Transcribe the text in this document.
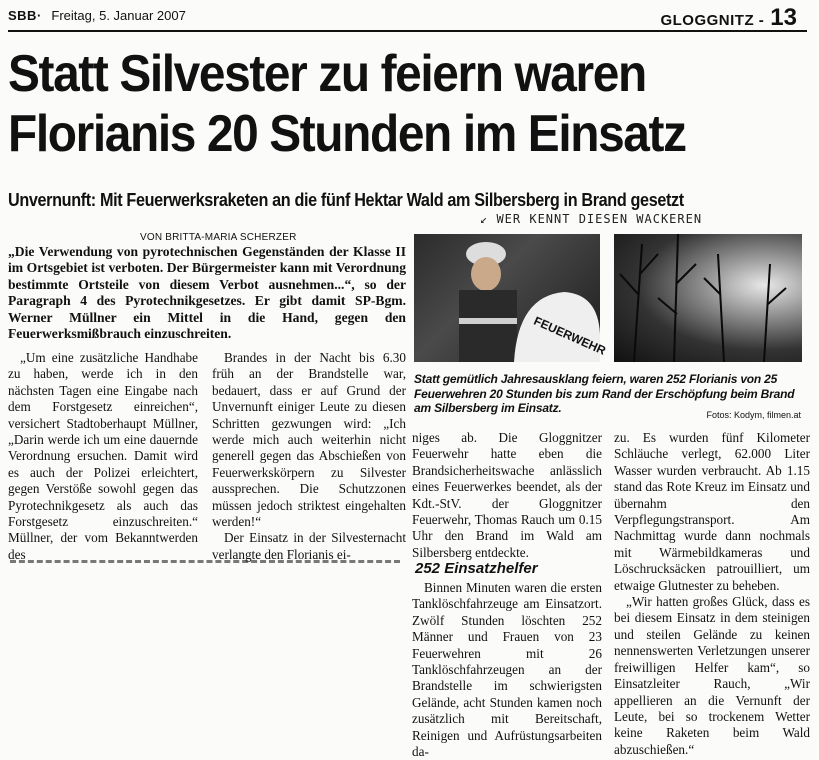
SBB· Freitag, 5. Januar 2007	GLOGGNITZ - 13
Statt Silvester zu feiern waren
Florianis 20 Stunden im Einsatz
Unvernunft: Mit Feuerwerksraketen an die fünf Hektar Wald am Silbersberg in Brand gesetzt
VON BRITTA-MARIA SCHERZER
↙ WER KENNT DIESEN WACKEREN
„Die Verwendung von pyrotechnischen Gegenständen der Klasse II im Ortsgebiet ist verboten. Der Bürgermeister kann mit Verordnung bestimmte Ortsteile von diesem Verbot ausnehmen...“, so der Paragraph 4 des Pyrotechnikgesetzes. Er gibt damit SP-Bgm. Werner Müllner ein Mittel in die Hand, gegen den Feuerwerksmißbrauch einzuschreiten.

„Um eine zusätzliche Handhabe zu haben, werde ich in den nächsten Tagen eine Eingabe nach dem Forstgesetz einreichen“, versichert Stadtoberhaupt Müllner, „Darin werde ich um eine dauernde Verordnung ersuchen. Damit wird es auch der Polizei erleichtert, gegen Verstöße sowohl gegen das Pyrotechnikgesetz als auch das Forstgesetz einzuschreiten.“ Müllner, der vom Bekanntwerden des

Brandes in der Nacht bis 6.30 früh an der Brandstelle war, bedauert, dass er auf Grund der Unvernunft einiger Leute zu diesen Schritten gezwungen wird: „Ich werde mich auch weiterhin nicht generell gegen das Abschießen von Feuerwerkskörpern zu Silvester aussprechen. Die Schutzzonen müssen jedoch striktest eingehalten werden!“

Der Einsatz in der Silvesternacht verlangte den Florianis ei-

FEUERWEHR
Statt gemütlich Jahresausklang feiern, waren 252 Florianis von 25 Feuerwehren 20 Stunden bis zum Rand der Erschöpfung beim Brand am Silbersberg im Einsatz.	Fotos: Kodym, filmen.at

niges ab. Die Gloggnitzer Feuerwehr hatte eben die Brandsicherheitswache anlässlich eines Feuerwerkes beendet, als der Kdt.-StV. der Gloggnitzer Feuerwehr, Thomas Rauch um 0.15 Uhr den Brand im Wald am Silbersberg entdeckte.

252 Einsatzhelfer

Binnen Minuten waren die ersten Tanklöschfahrzeuge am Einsatzort. Zwölf Stunden löschten 252 Männer und Frauen von 23 Feuerwehren mit 26 Tanklöschfahrzeugen an der Brandstelle im schwierigsten Gelände, acht Stunden kamen noch zusätzlich mit Bereitschaft, Reinigen und Aufrüstungsarbeiten da-

zu. Es wurden fünf Kilometer Schläuche verlegt, 62.000 Liter Wasser wurden verbraucht. Ab 1.15 stand das Rote Kreuz im Einsatz und übernahm den Verpflegungstransport. Am Nachmittag wurde dann nochmals mit Wärmebildkameras und Löschrucksäcken patrouilliert, um etwaige Glutnester zu beheben.

„Wir hatten großes Glück, dass es bei diesem Einsatz in dem steinigen und steilen Gelände zu keinen nennenswerten Verletzungen unserer freiwilligen Helfer kam“, so Einsatzleiter Rauch, „Wir appellieren an die Vernunft der Leute, bei so trockenem Wetter keine Raketen beim Wald abzuschießen.“
